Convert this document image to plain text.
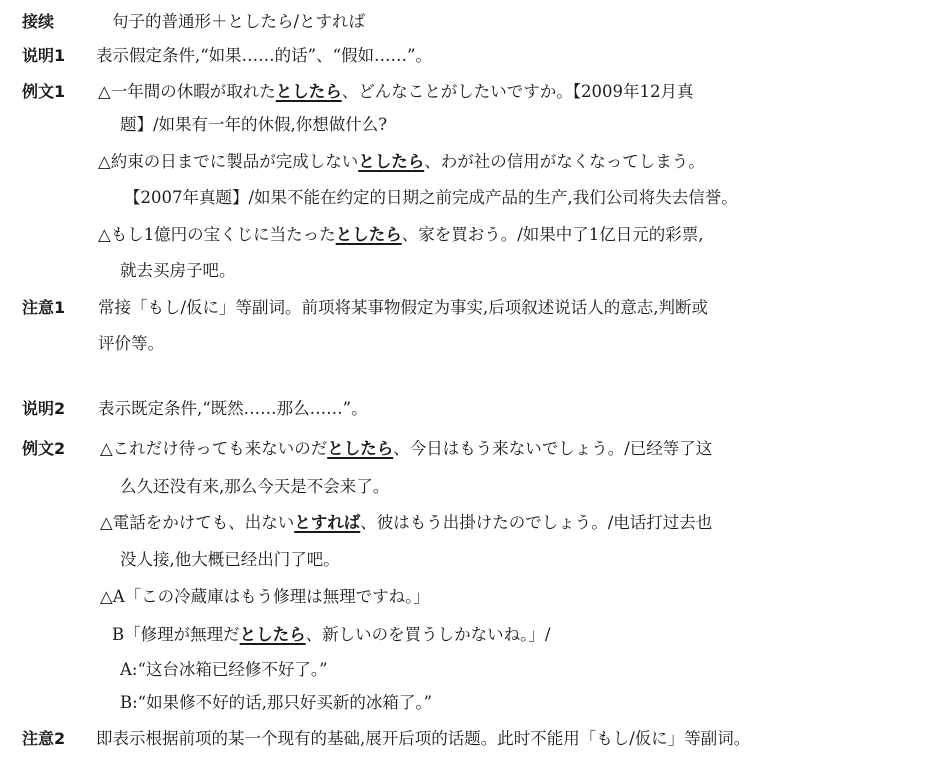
接续	句子的普通形＋としたら/とすれば
说明1 表示假定条件,“如果……的话”、“假如……”。
例文1 △一年間の休暇が取れたとしたら、どんなことがしたいですか。【2009年12月真
题】/如果有一年的休假,你想做什么?
△約束の日までに製品が完成しないとしたら、わが社の信用がなくなってしまう。
【2007年真题】/如果不能在约定的日期之前完成产品的生产,我们公司将失去信誉。
△もし1億円の宝くじに当たったとしたら、家を買おう。/如果中了1亿日元的彩票,
就去买房子吧。
注意1 常接「もし/仮に」等副词。前项将某事物假定为事实,后项叙述说话人的意志,判断或
评价等。
说明2 表示既定条件,“既然……那么……”。
例文2 △これだけ待っても来ないのだとしたら、今日はもう来ないでしょう。/已经等了这
么久还没有来,那么今天是不会来了。
△電話をかけても、出ないとすれば、彼はもう出掛けたのでしょう。/电话打过去也
没人接,他大概已经出门了吧。
△A「この冷蔵庫はもう修理は無理ですね。」
B「修理が無理だとしたら、新しいのを買うしかないね。」/
A:“这台冰箱已经修不好了。”
B:“如果修不好的话,那只好买新的冰箱了。”
注意2 即表示根据前项的某一个现有的基础,展开后项的话题。此时不能用「もし/仮に」等副词。
